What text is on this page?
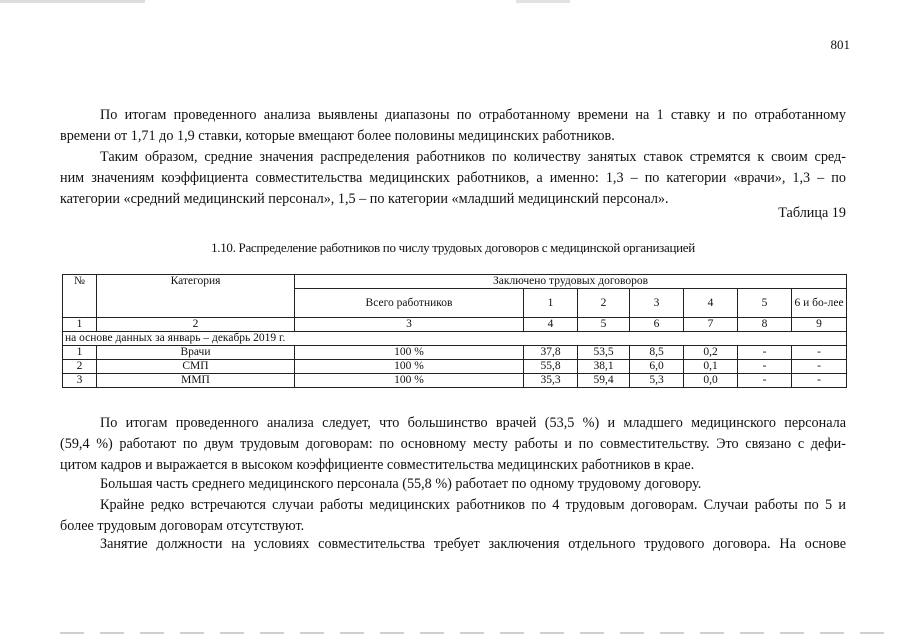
801
По итогам проведенного анализа выявлены диапазоны по отработанному времени на 1 ставку и по отработанному
времени от 1,71 до 1,9 ставки, которые вмещают более половины медицинских работников.
Таким образом, средние значения распределения работников по количеству занятых ставок стремятся к своим сред-
ним значениям коэффициента совместительства медицинских работников, а именно: 1,3 – по категории «врачи», 1,3 – по
категории «средний медицинский персонал», 1,5 – по категории «младший медицинский персонал».
Таблица 19
1.10. Распределение работников по числу трудовых договоров с медицинской организацией
№	Категория	Заключено трудовых договоров						
		Всего работников	1	2	3	4	5	6 и бо-лее
1	2	3	4	5	6	7	8	9
на основе данных за январь – декабрь 2019 г.								
1	Врачи	100 %	37,8	53,5	8,5	0,2	-	-
2	СМП	100 %	55,8	38,1	6,0	0,1	-	-
3	ММП	100 %	35,3	59,4	5,3	0,0	-	-
По итогам проведенного анализа следует, что большинство врачей (53,5 %) и младшего медицинского персонала
(59,4 %) работают по двум трудовым договорам: по основному месту работы и по совместительству. Это связано с дефи-
цитом кадров и выражается в высоком коэффициенте совместительства медицинских работников в крае.
Большая часть среднего медицинского персонала (55,8 %) работает по одному трудовому договору.
Крайне редко встречаются случаи работы медицинских работников по 4 трудовым договорам. Случаи работы по 5 и
более трудовым договорам отсутствуют.
Занятие должности на условиях совместительства требует заключения отдельного трудового договора. На основе
